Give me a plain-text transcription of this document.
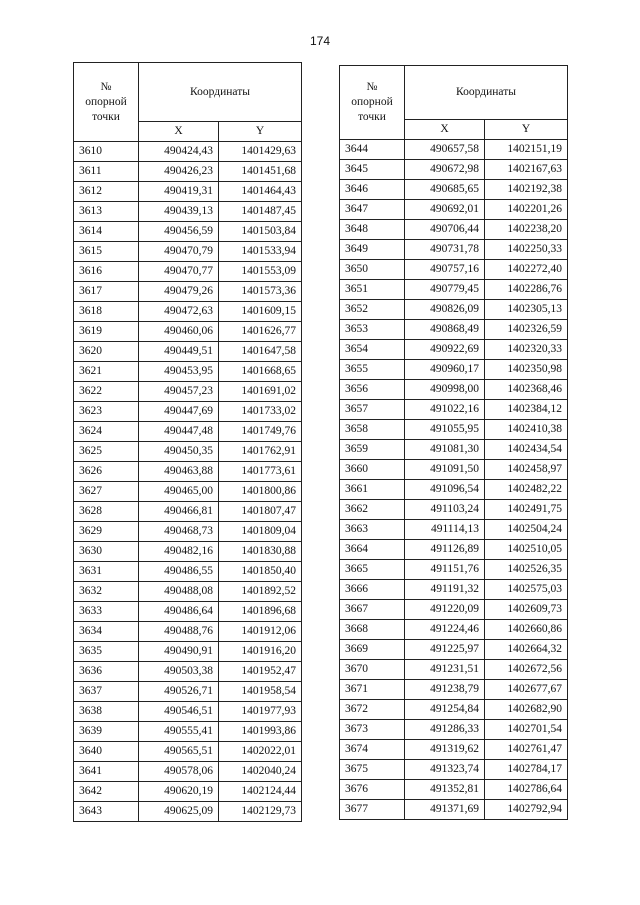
174
№
опорной
точки	Координаты	
	X	Y
3610	490424,43	1401429,63
3611	490426,23	1401451,68
3612	490419,31	1401464,43
3613	490439,13	1401487,45
3614	490456,59	1401503,84
3615	490470,79	1401533,94
3616	490470,77	1401553,09
3617	490479,26	1401573,36
3618	490472,63	1401609,15
3619	490460,06	1401626,77
3620	490449,51	1401647,58
3621	490453,95	1401668,65
3622	490457,23	1401691,02
3623	490447,69	1401733,02
3624	490447,48	1401749,76
3625	490450,35	1401762,91
3626	490463,88	1401773,61
3627	490465,00	1401800,86
3628	490466,81	1401807,47
3629	490468,73	1401809,04
3630	490482,16	1401830,88
3631	490486,55	1401850,40
3632	490488,08	1401892,52
3633	490486,64	1401896,68
3634	490488,76	1401912,06
3635	490490,91	1401916,20
3636	490503,38	1401952,47
3637	490526,71	1401958,54
3638	490546,51	1401977,93
3639	490555,41	1401993,86
3640	490565,51	1402022,01
3641	490578,06	1402040,24
3642	490620,19	1402124,44
3643	490625,09	1402129,73
№
опорной
точки	Координаты	
	X	Y
3644	490657,58	1402151,19
3645	490672,98	1402167,63
3646	490685,65	1402192,38
3647	490692,01	1402201,26
3648	490706,44	1402238,20
3649	490731,78	1402250,33
3650	490757,16	1402272,40
3651	490779,45	1402286,76
3652	490826,09	1402305,13
3653	490868,49	1402326,59
3654	490922,69	1402320,33
3655	490960,17	1402350,98
3656	490998,00	1402368,46
3657	491022,16	1402384,12
3658	491055,95	1402410,38
3659	491081,30	1402434,54
3660	491091,50	1402458,97
3661	491096,54	1402482,22
3662	491103,24	1402491,75
3663	491114,13	1402504,24
3664	491126,89	1402510,05
3665	491151,76	1402526,35
3666	491191,32	1402575,03
3667	491220,09	1402609,73
3668	491224,46	1402660,86
3669	491225,97	1402664,32
3670	491231,51	1402672,56
3671	491238,79	1402677,67
3672	491254,84	1402682,90
3673	491286,33	1402701,54
3674	491319,62	1402761,47
3675	491323,74	1402784,17
3676	491352,81	1402786,64
3677	491371,69	1402792,94
